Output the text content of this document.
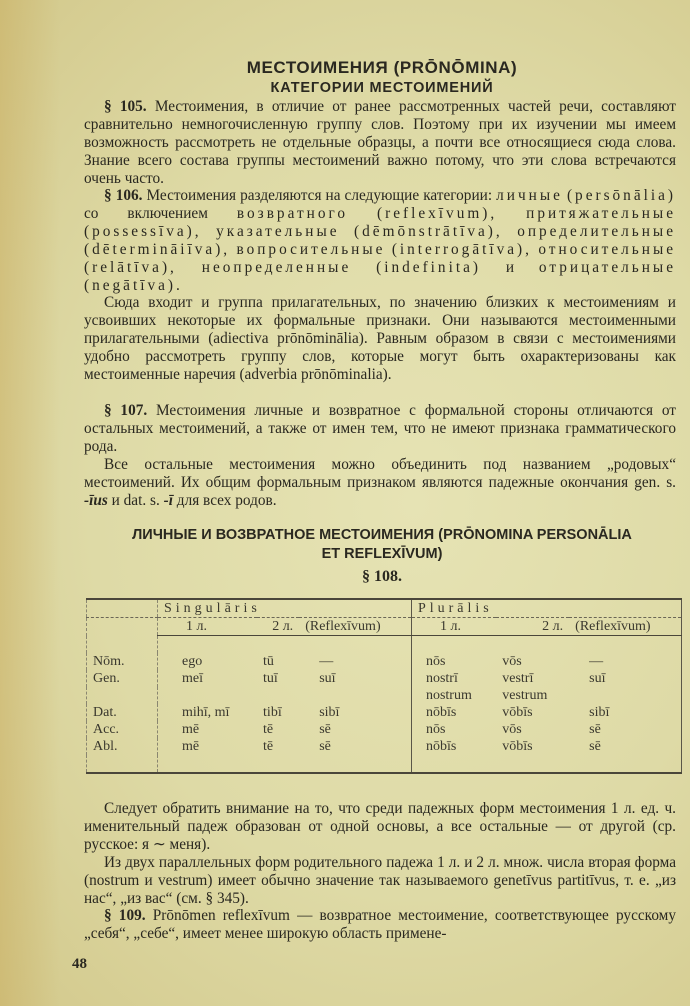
МЕСТОИМЕНИЯ (PRŌNŌMINA)
КАТЕГОРИИ МЕСТОИМЕНИЙ

§ 105. Местоимения, в отличие от ранее рассмотренных частей речи, составляют сравнительно немногочисленную группу слов. Поэтому при их изучении мы имеем возможность рассмотреть не отдельные образцы, а почти все относящиеся сюда слова. Знание всего состава группы местоимений важно потому, что эти слова встречаются очень часто.

§ 106. Местоимения разделяются на следующие категории: личные (persōnālia) со включением возвратного (reflexīvum), притяжательные (possessīva), указательные (dēmōnstrātīva), определительные (dētermināiīva), вопросительные (interrogātīva), относительные (relātīva), неопределенные (indefinita) и отрицательные (negātīva).

Сюда входит и группа прилагательных, по значению близких к местоимениям и усвоивших некоторые их формальные признаки. Они называются местоименными прилагательными (adiectiva prōnōminālia). Равным образом в связи с местоимениями удобно рассмотреть группу слов, которые могут быть охарактеризованы как местоименные наречия (adverbia prōnōminalia).

§ 107. Местоимения личные и возвратное с формальной стороны отличаются от остальных местоимений, а также от имен тем, что не имеют признака грамматического рода.

Все остальные местоимения можно объединить под названием „родовых“ местоимений. Их общим формальным признаком являются падежные окончания gen. s. -īus и dat. s. -ī для всех родов.

ЛИЧНЫЕ И ВОЗВРАТНОЕ МЕСТОИМЕНИЯ (PRŌNOMINA PERSONĀLIA
ET REFLEXĪVUM)
§ 108.
	Singulāris			Plurālis		
	1 л.	2 л.	(Reflexīvum)	1 л.	2 л.	(Reflexīvum)

Nōm.	ego	tū	—	nōs	vōs	—
Gen.	meī	tuī	suī	nostrī	vestrī	suī
				nostrum	vestrum	
Dat.	mihī, mī	tibī	sibī	nōbīs	vōbīs	sibī
Acc.	mē	tē	sē	nōs	vōs	sē
Abl.	mē	tē	sē	nōbīs	vōbīs	sē

Следует обратить внимание на то, что среди падежных форм местоимения 1 л. ед. ч. именительный падеж образован от одной основы, а все остальные — от другой (ср. русское: я ∼ меня).

Из двух параллельных форм родительного падежа 1 л. и 2 л. множ. числа вторая форма (nostrum и vestrum) имеет обычно значение так называемого genetīvus partitīvus, т. е. „из нас“, „из вас“ (см. § 345).

§ 109. Prōnōmen reflexīvum — возвратное местоимение, соответствующее русскому „себя“, „себе“, имеет менее широкую область примене-

48
